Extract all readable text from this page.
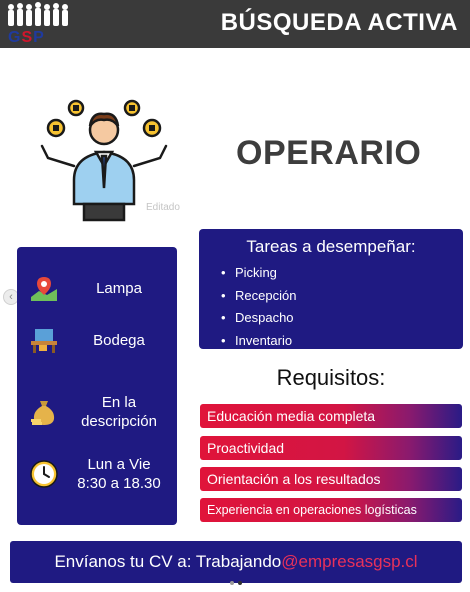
GSP
BÚSQUEDA ACTIVA
Editado
OPERARIO
‹	Lampa
Bodega
En la
descripción
Lun a Vie
8:30 a 18.30
Tareas a desempeñar:
• Picking
• Recepción
• Despacho
• Inventario
Requisitos:
Educación media completa
Proactividad
Orientación a los resultados
Experiencia en operaciones logísticas
Envíanos tu CV a: Trabajando@empresasgsp.cl
